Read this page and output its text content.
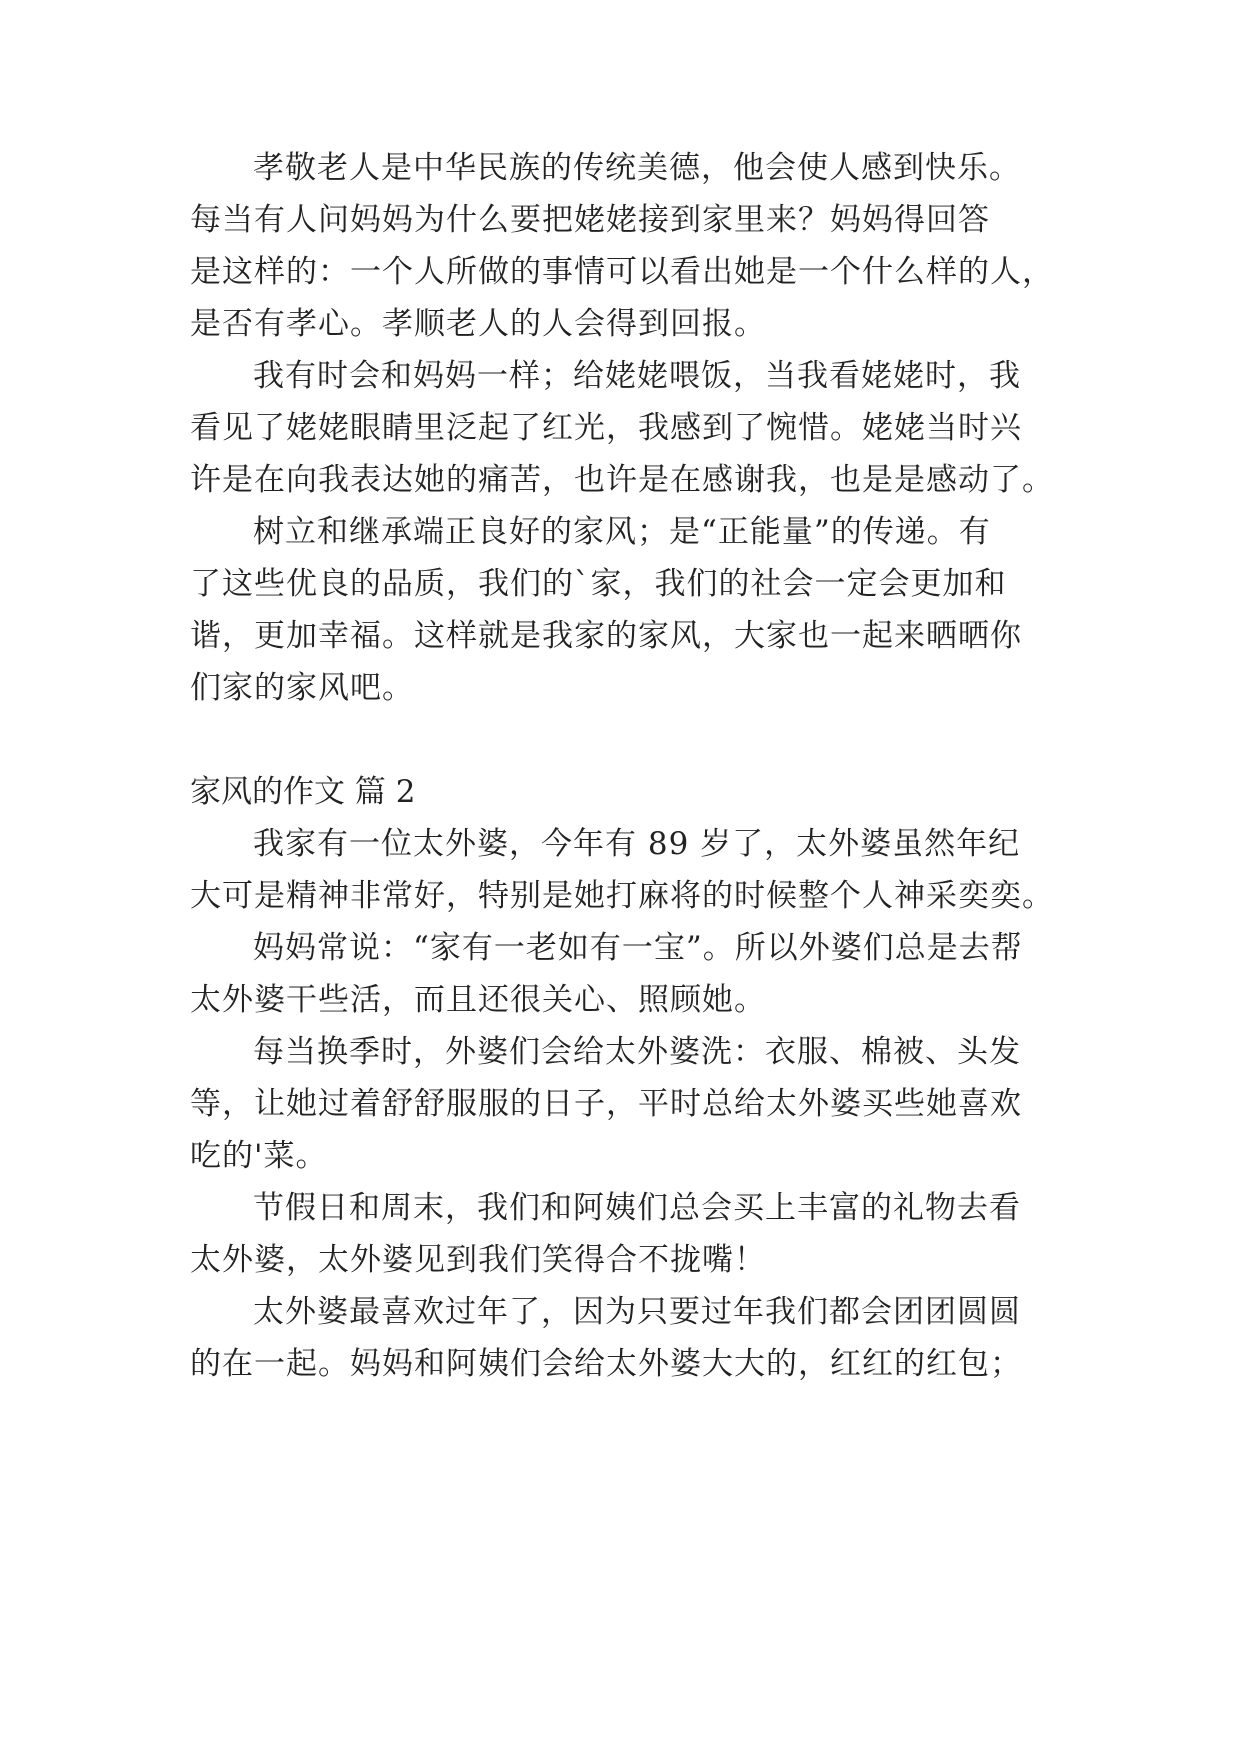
孝敬老人是中华民族的传统美德，他会使人感到快乐。
每当有人问妈妈为什么要把姥姥接到家里来？妈妈得回答
是这样的：一个人所做的事情可以看出她是一个什么样的人，
是否有孝心。孝顺老人的人会得到回报。
我有时会和妈妈一样；给姥姥喂饭，当我看姥姥时，我
看见了姥姥眼睛里泛起了红光，我感到了惋惜。姥姥当时兴
许是在向我表达她的痛苦，也许是在感谢我，也是是感动了。
树立和继承端正良好的家风；是“正能量”的传递。有
了这些优良的品质，我们的`家，我们的社会一定会更加和
谐，更加幸福。这样就是我家的家风，大家也一起来晒晒你
们家的家风吧。
家风的作文 篇 2
我家有一位太外婆，今年有 89 岁了，太外婆虽然年纪
大可是精神非常好，特别是她打麻将的时候整个人神采奕奕。
妈妈常说：“家有一老如有一宝”。所以外婆们总是去帮
太外婆干些活，而且还很关心、照顾她。
每当换季时，外婆们会给太外婆洗：衣服、棉被、头发
等，让她过着舒舒服服的日子，平时总给太外婆买些她喜欢
吃的'菜。
节假日和周末，我们和阿姨们总会买上丰富的礼物去看
太外婆，太外婆见到我们笑得合不拢嘴！
太外婆最喜欢过年了，因为只要过年我们都会团团圆圆
的在一起。妈妈和阿姨们会给太外婆大大的，红红的红包；
